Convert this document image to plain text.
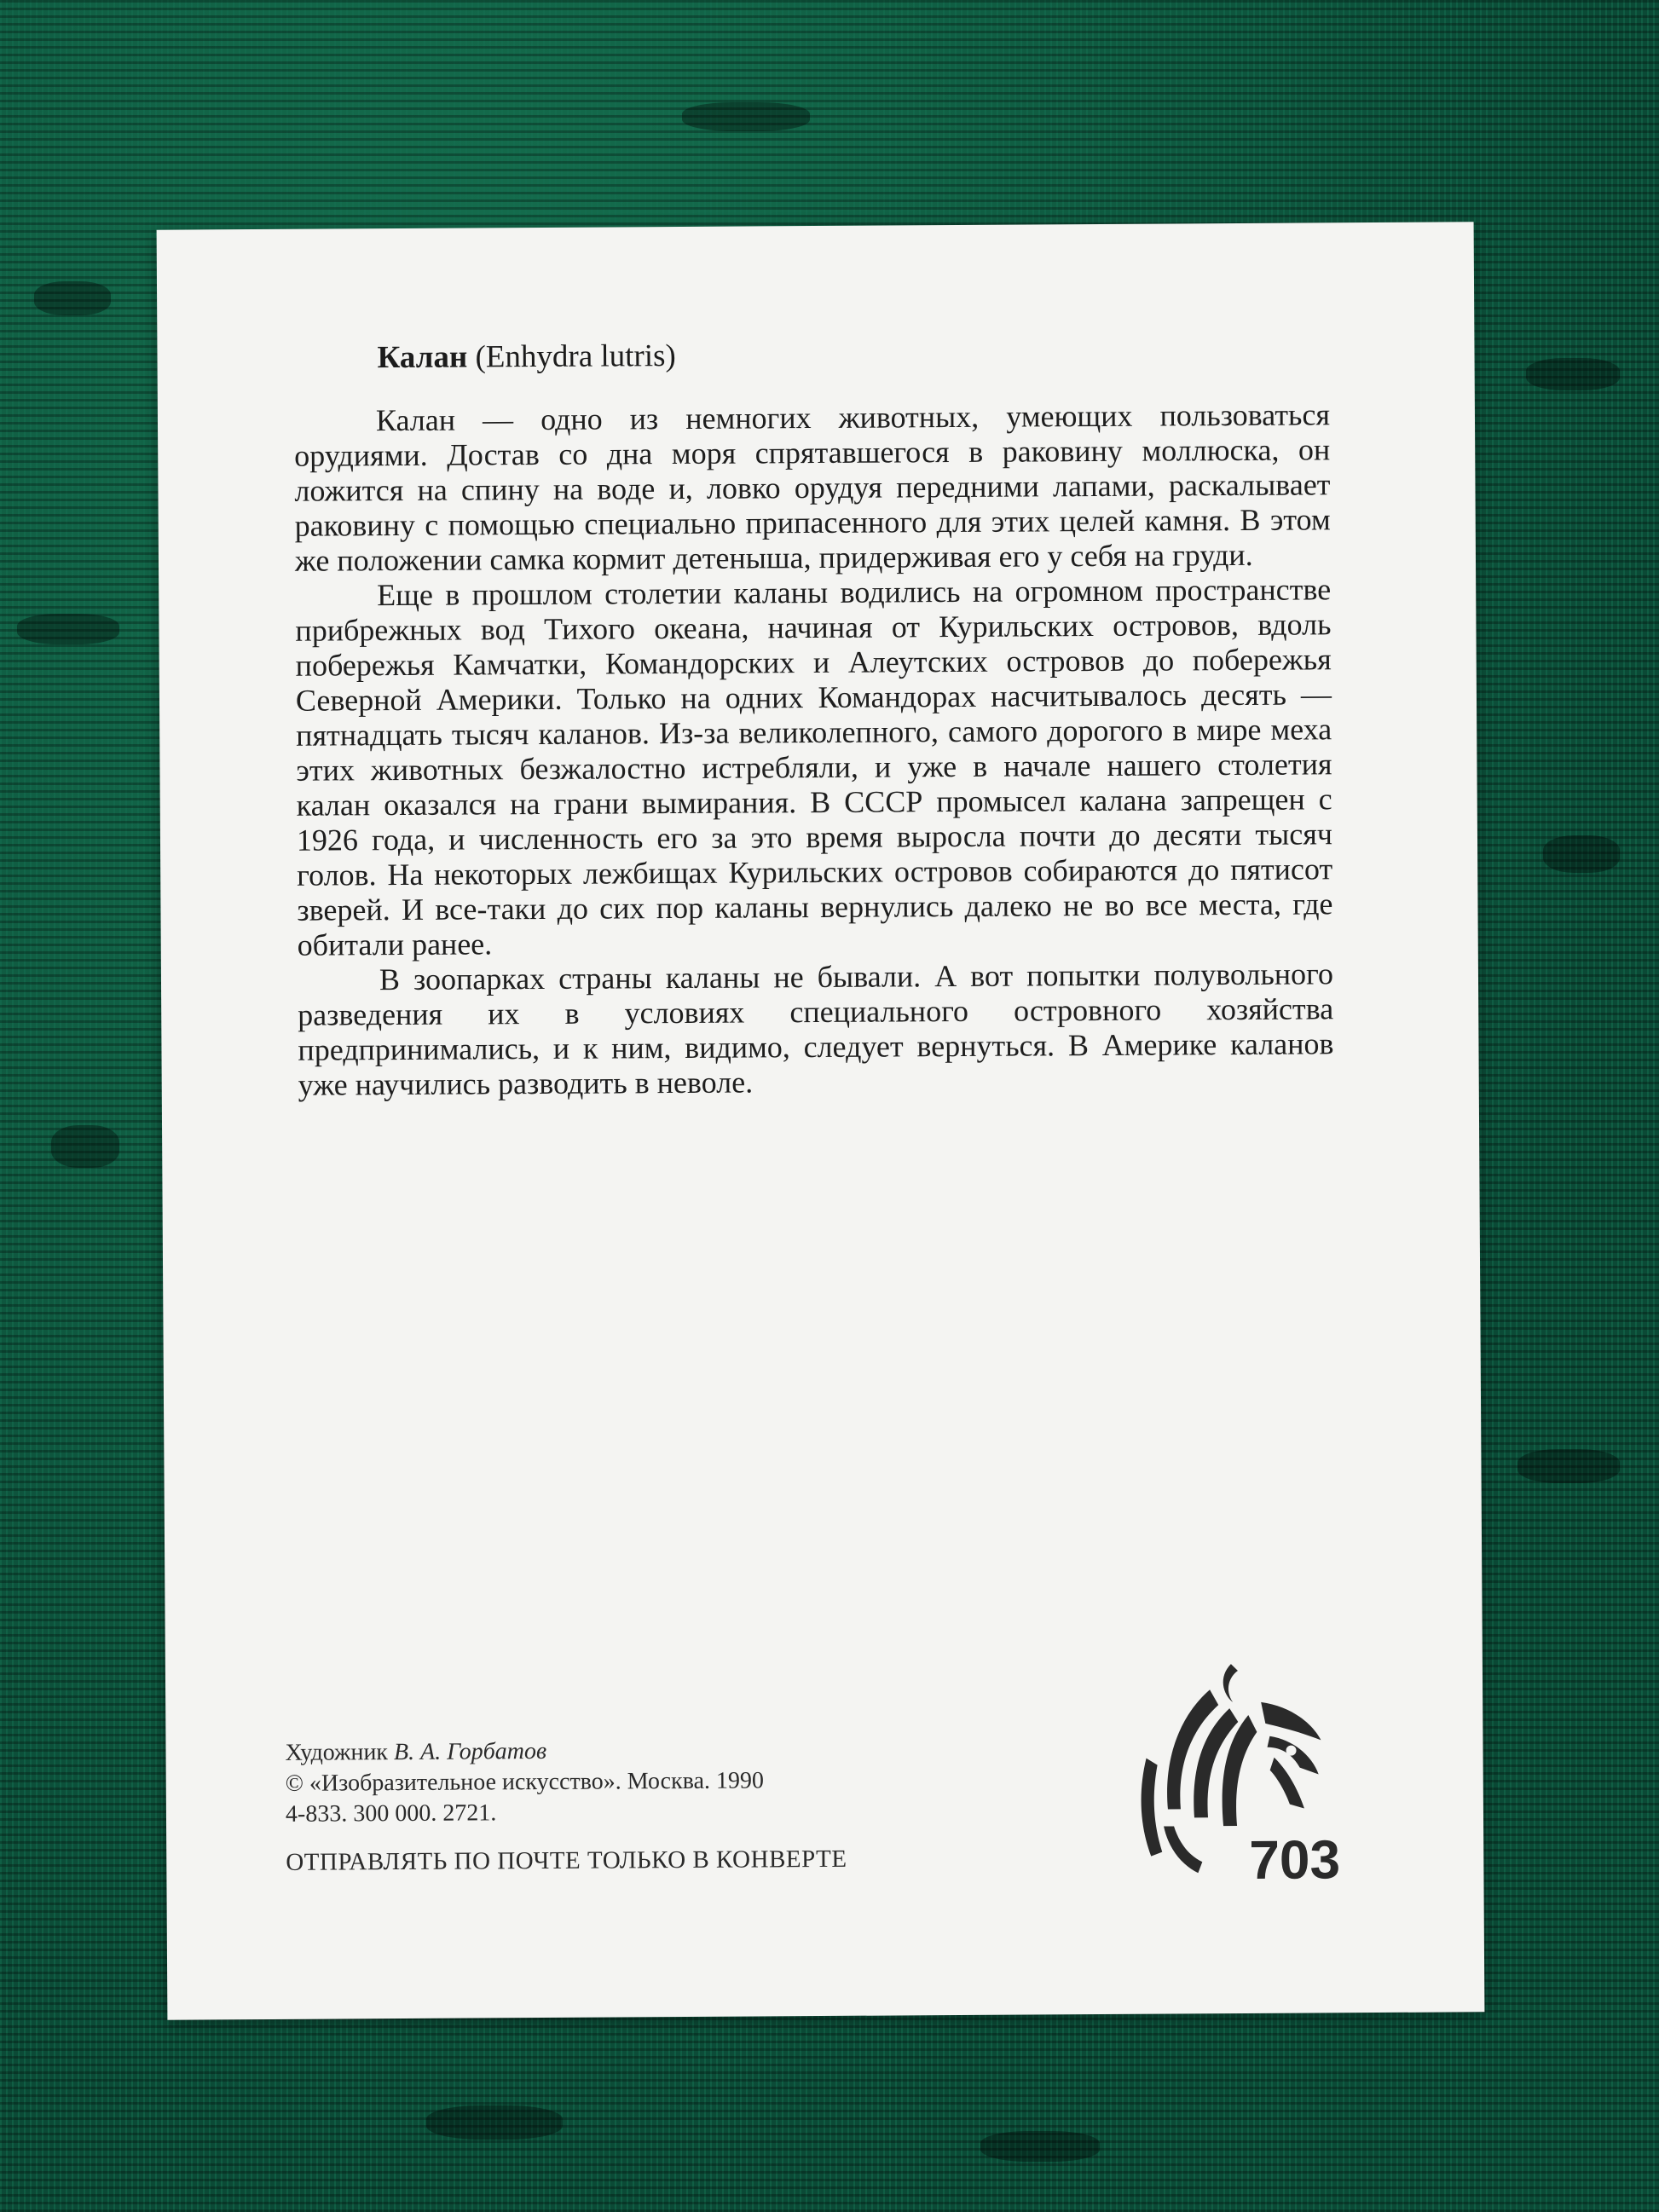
Калан (Enhydra lutris)

Калан — одно из немногих животных, умеющих пользоваться орудиями. Достав со дна моря спрятавшегося в раковину моллюска, он ложится на спину на воде и, ловко орудуя передними лапами, раскалывает раковину с помощью специально припасенного для этих целей камня. В этом же положении самка кормит детеныша, придерживая его у себя на груди.

Еще в прошлом столетии каланы водились на огромном пространстве прибрежных вод Тихого океана, начиная от Курильских островов, вдоль побережья Камчатки, Командорских и Алеутских островов до побережья Северной Америки. Только на одних Командорах насчитывалось десять — пятнадцать тысяч каланов. Из-за великолепного, самого дорогого в мире меха этих животных безжалостно истребляли, и уже в начале нашего столетия калан оказался на грани вымирания. В СССР промысел калана запрещен с 1926 года, и численность его за это время выросла почти до десяти тысяч голов. На некоторых лежбищах Курильских островов собираются до пятисот зверей. И все-таки до сих пор каланы вернулись далеко не во все места, где обитали ранее.

В зоопарках страны каланы не бывали. А вот попытки полувольного разведения их в условиях специального островного хозяйства предпринимались, и к ним, видимо, следует вернуться. В Америке каланов уже научились разводить в неволе.

Художник В. А. Горбатов
© «Изобразительное искусство». Москва. 1990
4-833. 300 000. 2721.
ОТПРАВЛЯТЬ ПО ПОЧТЕ ТОЛЬКО В КОНВЕРТЕ	703
